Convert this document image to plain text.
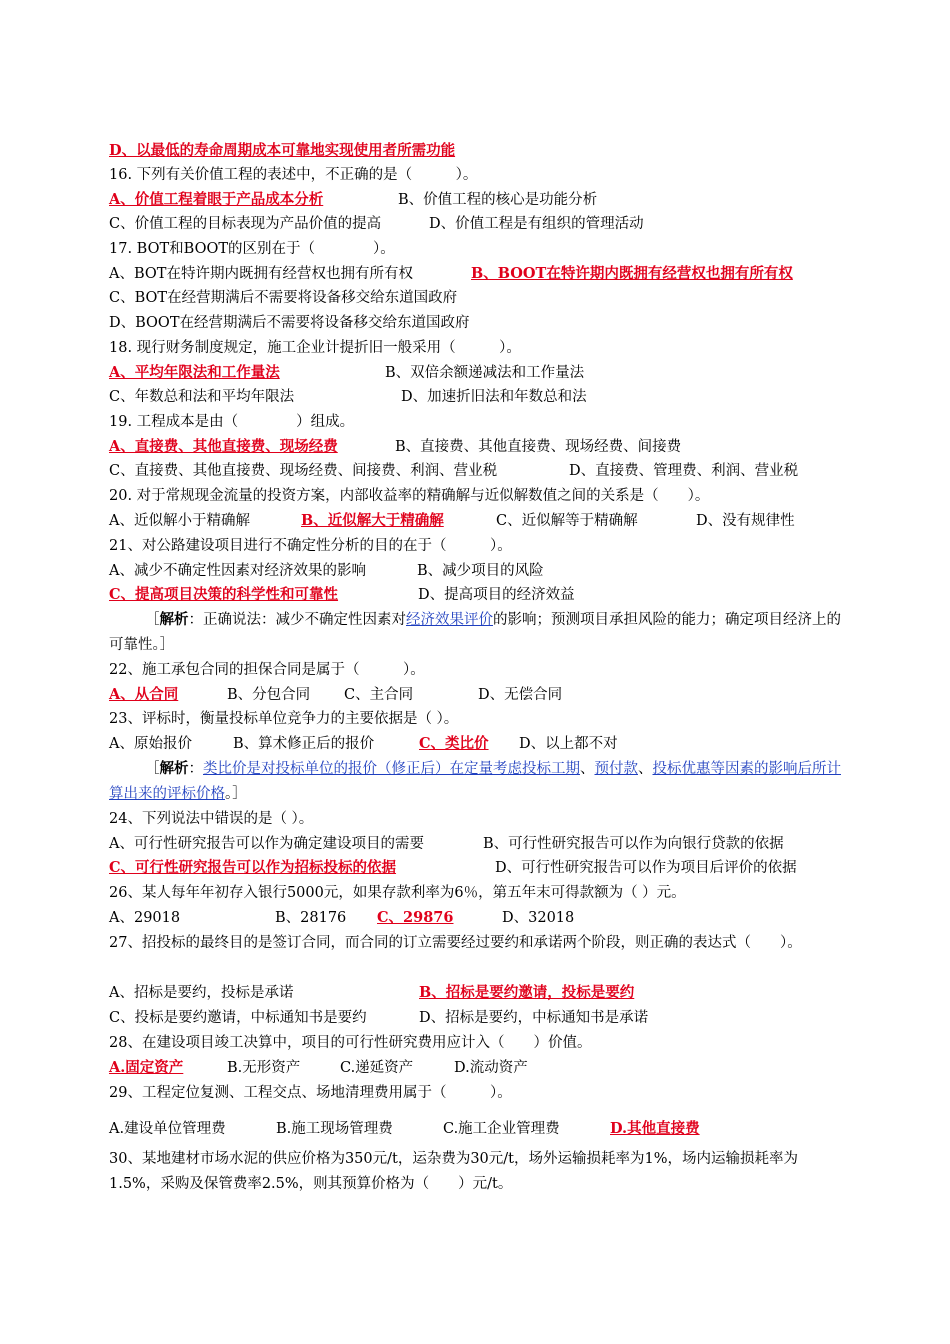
D、以最低的寿命周期成本可靠地实现使用者所需功能
16. 下列有关价值工程的表述中，不正确的是（　　　）。
A、价值工程着眼于产品成本分析	B、价值工程的核心是功能分析
C、价值工程的目标表现为产品价值的提高	D、价值工程是有组织的管理活动
17. BOT和BOOT的区别在于（　　　　）。
A、BOT在特许期内既拥有经营权也拥有所有权	B、BOOT在特许期内既拥有经营权也拥有所有权
C、BOT在经营期满后不需要将设备移交给东道国政府
D、BOOT在经营期满后不需要将设备移交给东道国政府
18. 现行财务制度规定，施工企业计提折旧一般采用（　　　）。
A、平均年限法和工作量法	B、双倍余额递减法和工作量法
C、年数总和法和平均年限法	D、加速折旧法和年数总和法
19. 工程成本是由（　　　　）组成。
A、直接费、其他直接费、现场经费	B、直接费、其他直接费、现场经费、间接费
C、直接费、其他直接费、现场经费、间接费、利润、营业税	D、直接费、管理费、利润、营业税
20. 对于常规现金流量的投资方案，内部收益率的精确解与近似解数值之间的关系是（　　）。
A、近似解小于精确解	B、近似解大于精确解	C、近似解等于精确解	D、没有规律性
21、对公路建设项目进行不确定性分析的目的在于（　　　）。
A、减少不确定性因素对经济效果的影响	B、减少项目的风险
C、提高项目决策的科学性和可靠性	D、提高项目的经济效益
［解析：正确说法：减少不确定性因素对经济效果评价的影响；预测项目承担风险的能力；确定项目经济上的可靠性。］
22、施工承包合同的担保合同是属于（　　　）。
A、从合同	B、分包合同 C、主合同	D、无偿合同
23、评标时，衡量投标单位竞争力的主要依据是（ ）。
A、原始报价	B、算术修正后的报价	C、类比价 D、以上都不对
［解析：类比价是对投标单位的报价（修正后）在定量考虑投标工期、预付款、投标优惠等因素的影响后所计算出来的评标价格。］
24、下列说法中错误的是（ ）。
A、可行性研究报告可以作为确定建设项目的需要	B、可行性研究报告可以作为向银行贷款的依据
C、可行性研究报告可以作为招标投标的依据	D、可行性研究报告可以作为项目后评价的依据
26、某人每年年初存入银行5000元，如果存款利率为6％，第五年末可得款额为（ ）元。
A、29018	B、28176 C、29876	D、32018
27、招投标的最终目的是签订合同，而合同的订立需要经过要约和承诺两个阶段，则正确的表达式（　　）。
A、招标是要约，投标是承诺	B、招标是要约邀请，投标是要约
C、投标是要约邀请，中标通知书是要约	D、招标是要约，中标通知书是承诺
28、在建设项目竣工决算中，项目的可行性研究费用应计入（　　）价值。
A.固定资产	B.无形资产	C.递延资产	D.流动资产
29、工程定位复测、工程交点、场地清理费用属于（　　　）。
A.建设单位管理费	B.施工现场管理费	C.施工企业管理费	D.其他直接费
30、某地建材市场水泥的供应价格为350元/t，运杂费为30元/t，场外运输损耗率为1%，场内运输损耗率为1.5%，采购及保管费率2.5%，则其预算价格为（　　）元/t。
